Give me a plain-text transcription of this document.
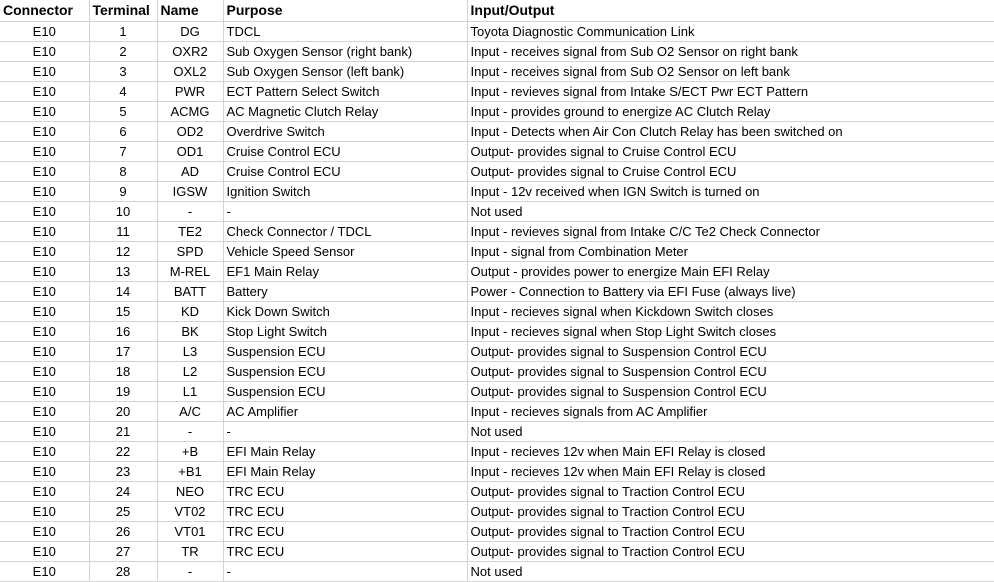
Connector	Terminal	Name	Purpose	Input/Output
E10	1	DG	TDCL	Toyota Diagnostic Communication Link
E10	2	OXR2	Sub Oxygen Sensor (right bank)	Input - receives signal from Sub O2 Sensor on right bank
E10	3	OXL2	Sub Oxygen Sensor (left bank)	Input - receives signal from Sub O2 Sensor on left bank
E10	4	PWR	ECT Pattern Select Switch	Input - revieves signal from Intake S/ECT Pwr ECT Pattern
E10	5	ACMG	AC Magnetic Clutch Relay	Input - provides ground to energize AC Clutch Relay
E10	6	OD2	Overdrive Switch	Input - Detects when Air Con Clutch Relay has been switched on
E10	7	OD1	Cruise Control ECU	Output- provides signal to Cruise Control ECU
E10	8	AD	Cruise Control ECU	Output- provides signal to Cruise Control ECU
E10	9	IGSW	Ignition Switch	Input - 12v received when IGN Switch is turned on
E10	10	-	-	Not used
E10	11	TE2	Check Connector / TDCL	Input - revieves signal from Intake C/C Te2 Check Connector
E10	12	SPD	Vehicle Speed Sensor	Input - signal from Combination Meter
E10	13	M-REL	EF1 Main Relay	Output - provides power to energize Main EFI Relay
E10	14	BATT	Battery	Power - Connection to Battery via EFI Fuse (always live)
E10	15	KD	Kick Down Switch	Input - recieves signal when Kickdown Switch closes
E10	16	BK	Stop Light Switch	Input - recieves signal when Stop Light Switch closes
E10	17	L3	Suspension ECU	Output- provides signal to Suspension Control ECU
E10	18	L2	Suspension ECU	Output- provides signal to Suspension Control ECU
E10	19	L1	Suspension ECU	Output- provides signal to Suspension Control ECU
E10	20	A/C	AC Amplifier	Input - recieves signals from AC Amplifier
E10	21	-	-	Not used
E10	22	+B	EFI Main Relay	Input - recieves 12v when Main EFI Relay is closed
E10	23	+B1	EFI Main Relay	Input - recieves 12v when Main EFI Relay is closed
E10	24	NEO	TRC ECU	Output- provides signal to Traction Control ECU
E10	25	VT02	TRC ECU	Output- provides signal to Traction Control ECU
E10	26	VT01	TRC ECU	Output- provides signal to Traction Control ECU
E10	27	TR	TRC ECU	Output- provides signal to Traction Control ECU
E10	28	-	-	Not used
